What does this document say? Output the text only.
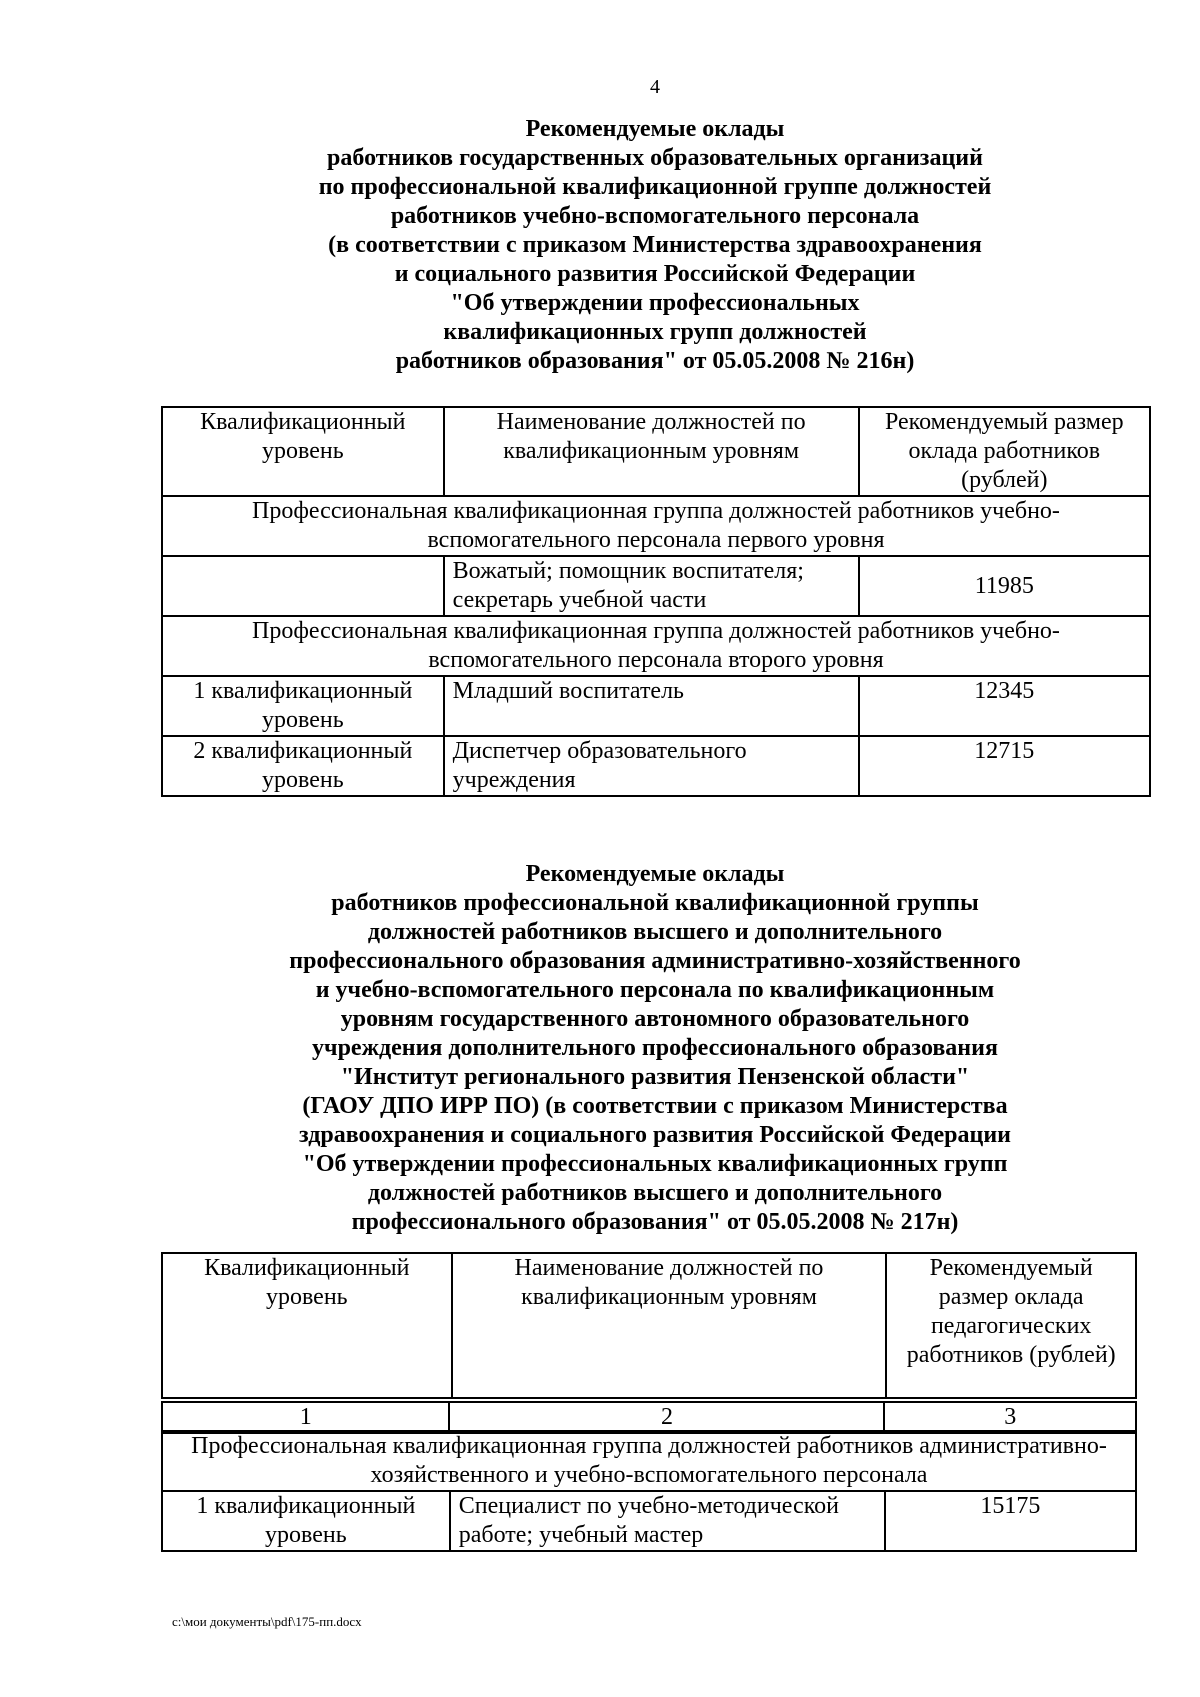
4
Рекомендуемые оклады
работников государственных образовательных организаций
по профессиональной квалификационной группе должностей
работников учебно-вспомогательного персонала
(в соответствии с приказом Министерства здравоохранения
и социального развития Российской Федерации
"Об утверждении профессиональных
квалификационных групп должностей
работников образования" от 05.05.2008 № 216н)
Квалификационный уровень	Наименование должностей по квалификационным уровням	Рекомендуемый размер оклада работников (рублей)
Профессиональная квалификационная группа должностей работников учебно-вспомогательного персонала первого уровня		
	Вожатый; помощник воспитателя; секретарь учебной части	11985
Профессиональная квалификационная группа должностей работников учебно-вспомогательного персонала второго уровня		
1 квалификационный уровень	Младший воспитатель	12345
2 квалификационный уровень	Диспетчер образовательного учреждения	12715
Рекомендуемые оклады
работников профессиональной квалификационной группы
должностей работников высшего и дополнительного
профессионального образования административно-хозяйственного
и учебно-вспомогательного персонала по квалификационным
уровням государственного автономного образовательного
учреждения дополнительного профессионального образования
"Институт регионального развития Пензенской области"
(ГАОУ ДПО ИРР ПО) (в соответствии с приказом Министерства
здравоохранения и социального развития Российской Федерации
"Об утверждении профессиональных квалификационных групп
должностей работников высшего и дополнительного
профессионального образования" от 05.05.2008 № 217н)
Квалификационный уровень	Наименование должностей по квалификационным уровням	Рекомендуемый размер оклада педагогических работников (рублей)
1	2	3
Профессиональная квалификационная группа должностей работников административно-хозяйственного и учебно-вспомогательного персонала
1 квалификационный уровень	Специалист по учебно-методической работе; учебный мастер	15175
c:\мои документы\pdf\175-пп.docx
